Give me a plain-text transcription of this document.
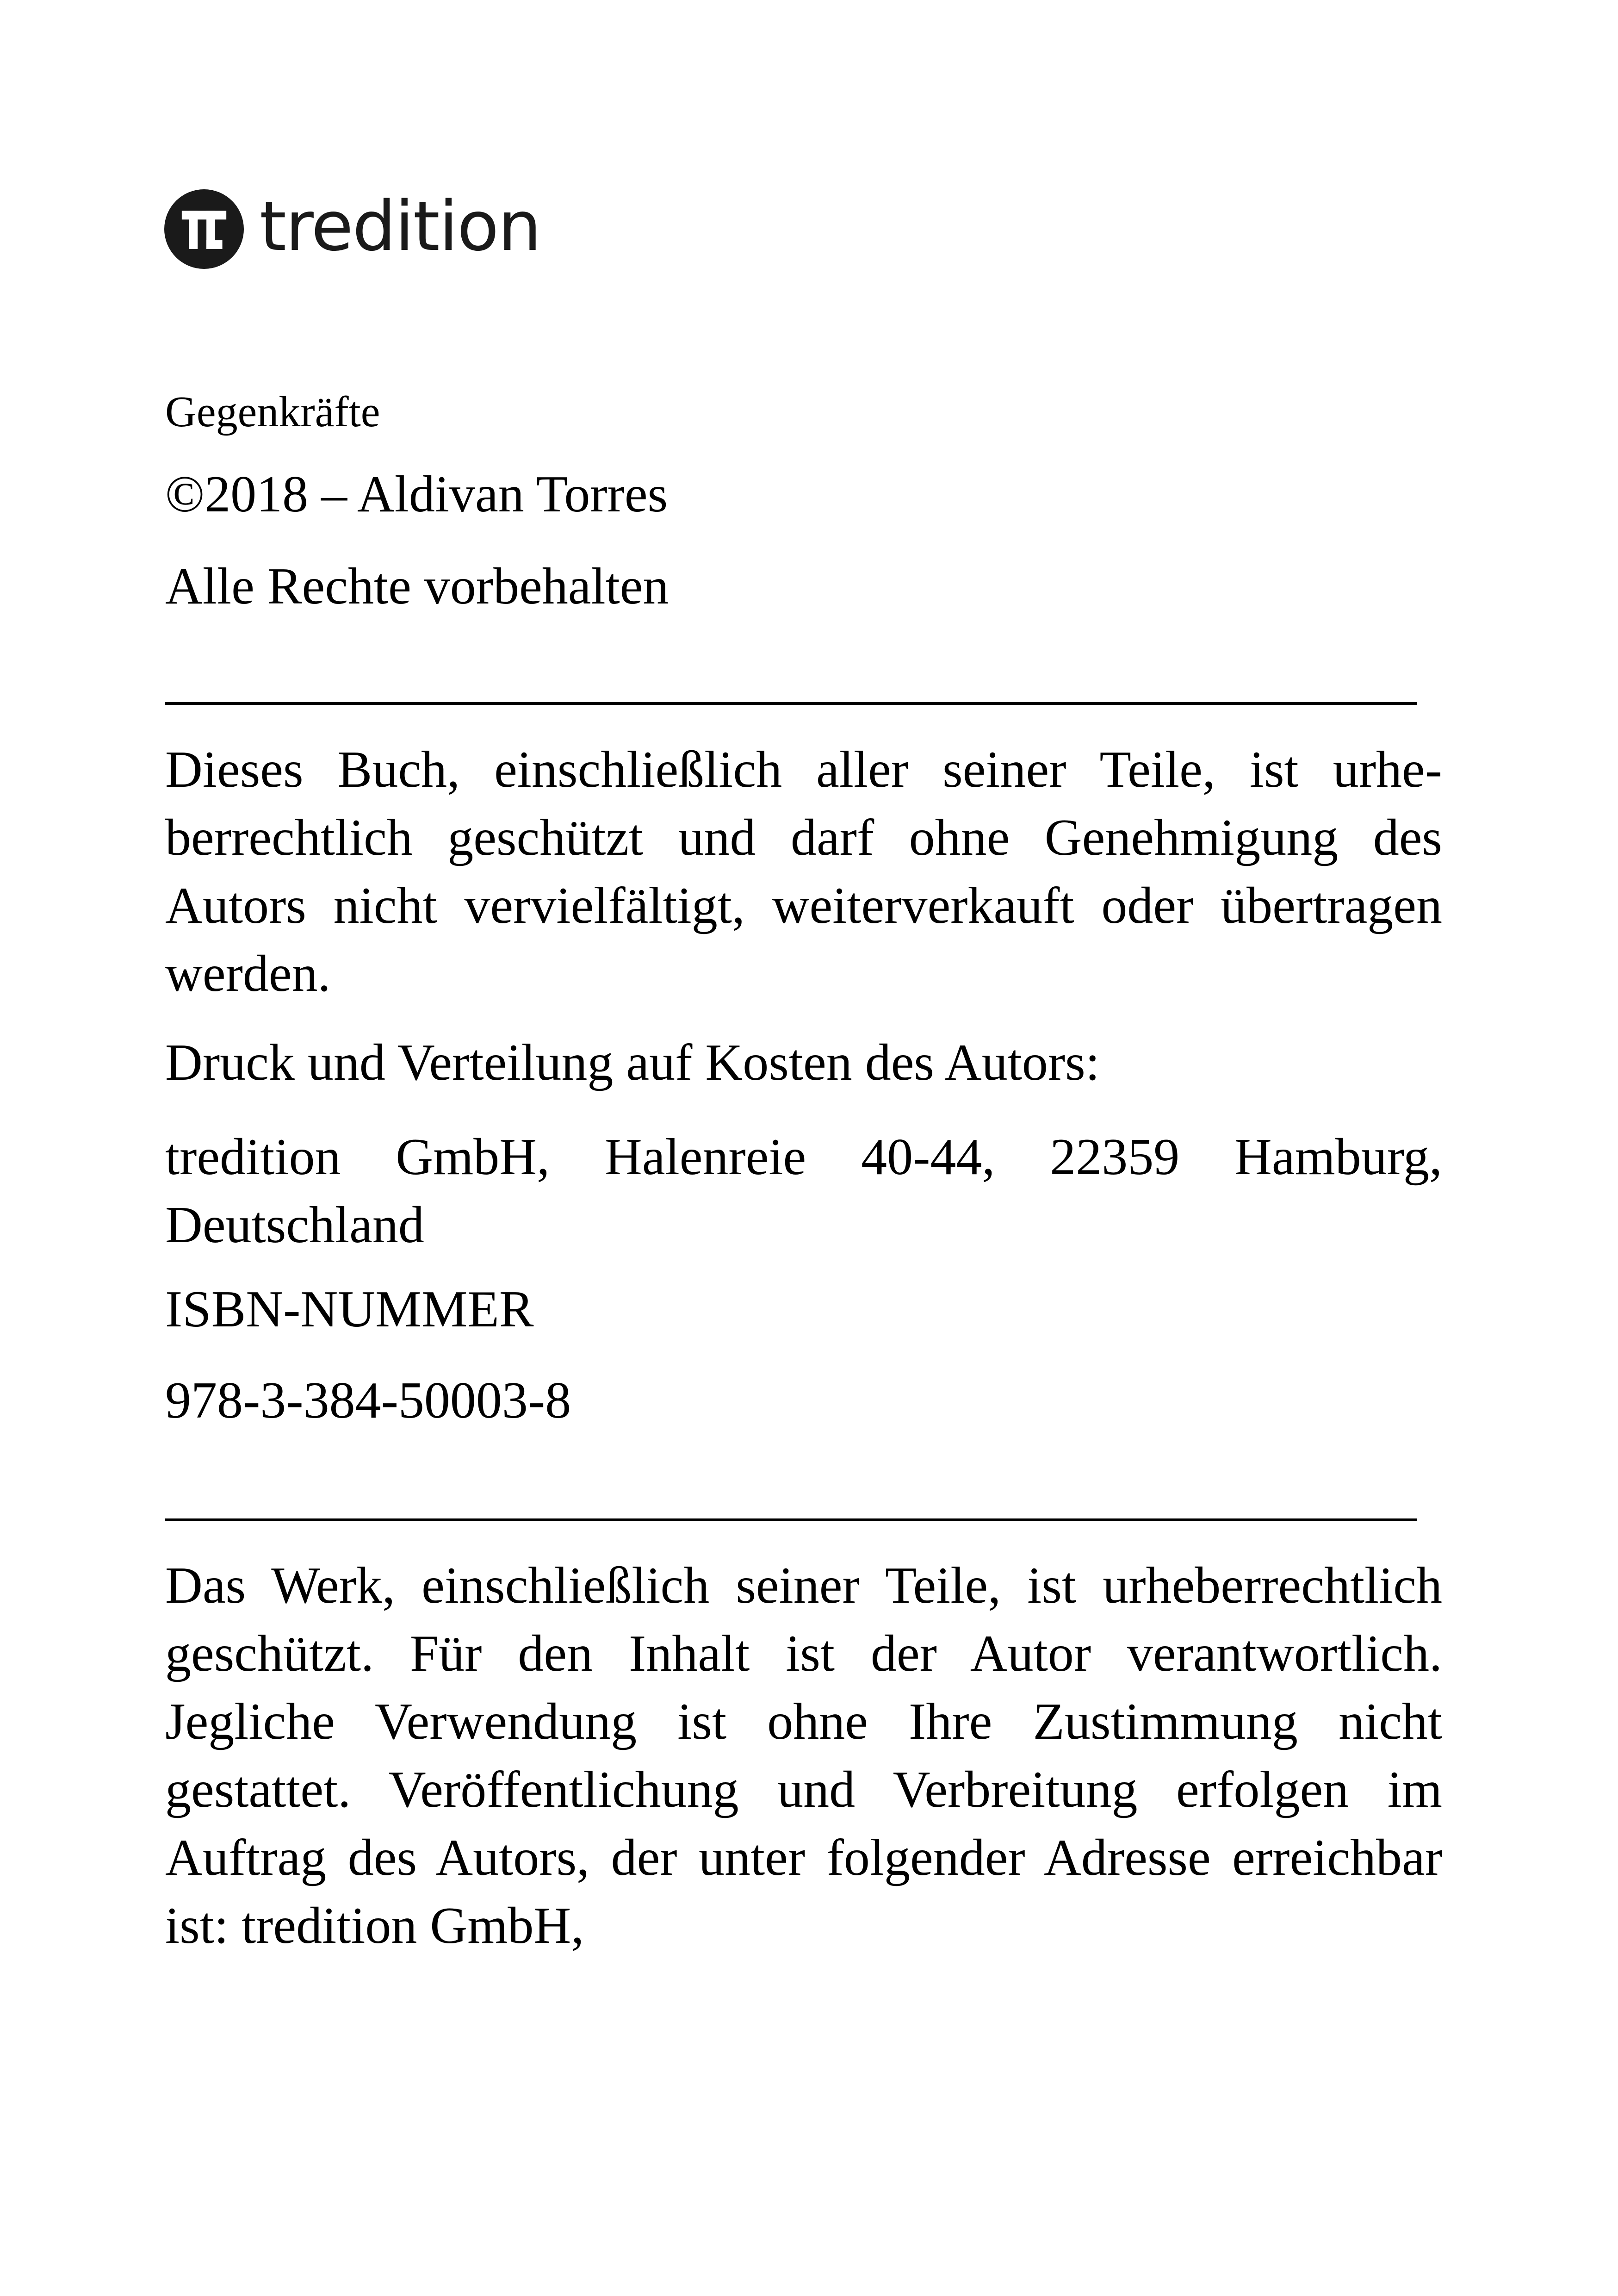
tredition

Gegenkräfte

©2018 – Aldivan Torres

Alle Rechte vorbehalten

Dieses Buch, einschließlich aller seiner Teile, ist urheberrechtlich geschützt und darf ohne Genehmigung des Autors nicht vervielfältigt, weiterverkauft oder übertragen werden.

Druck und Verteilung auf Kosten des Autors:

tredition GmbH, Halenreie 40-44, 22359 Hamburg, Deutschland

ISBN-NUMMER

978-3-384-50003-8

Das Werk, einschließlich seiner Teile, ist urheberrechtlich geschützt. Für den Inhalt ist der Autor verantwortlich. Jegliche Verwendung ist ohne Ihre Zustimmung nicht gestattet. Veröffentlichung und Verbreitung erfolgen im Auftrag des Autors, der unter folgender Adresse erreichbar ist: tredition GmbH,
